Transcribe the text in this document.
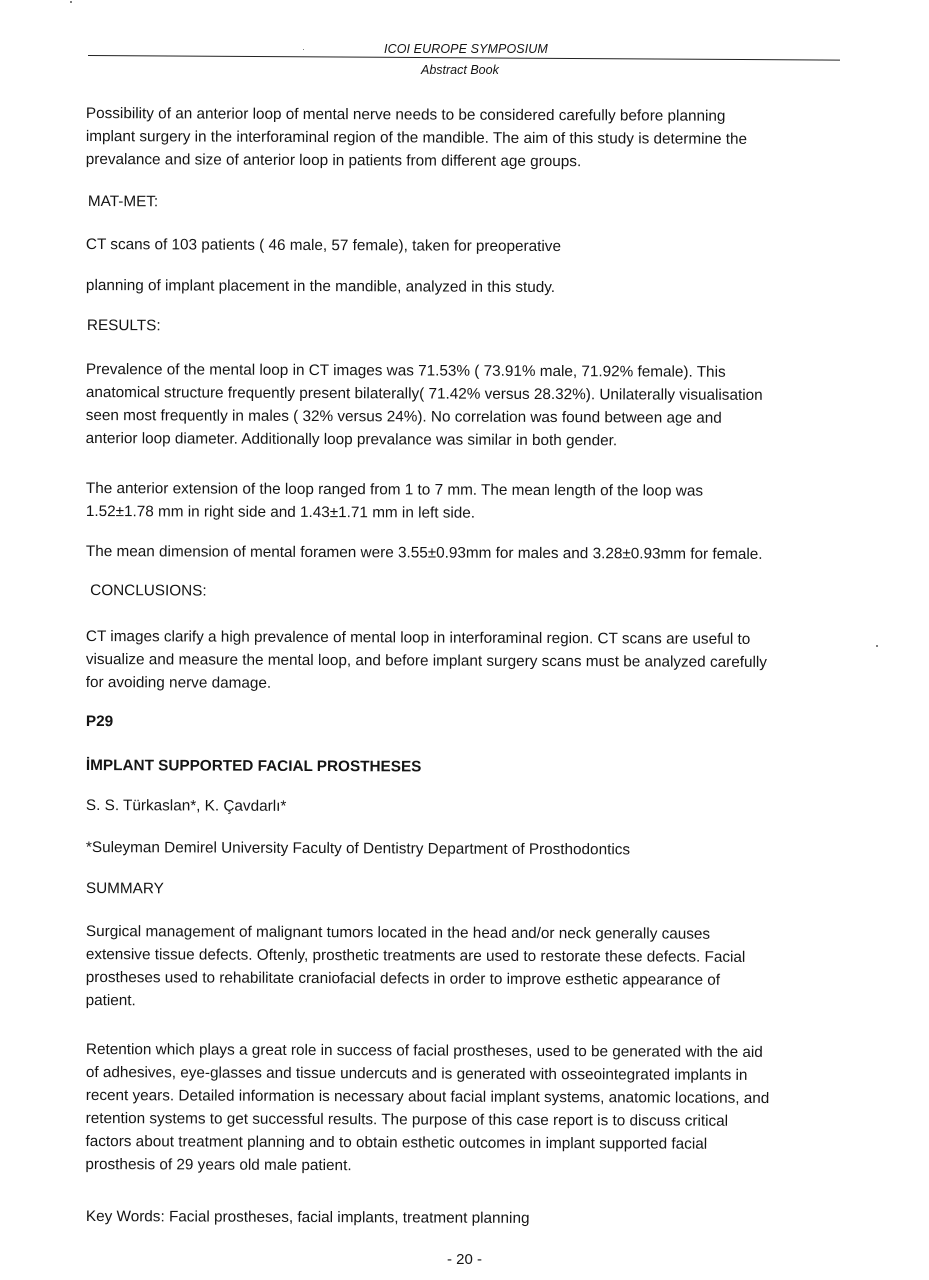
ICOI EUROPE SYMPOSIUM
Abstract Book
Possibility of an anterior loop of mental nerve needs to be considered carefully before planning
implant surgery in the interforaminal region of the mandible. The aim of this study is determine the
prevalance and size of anterior loop in patients from different age groups.
MAT-MET:
CT scans of 103 patients ( 46 male, 57 female), taken for preoperative
planning of implant placement in the mandible, analyzed in this study.
RESULTS:
Prevalence of the mental loop in CT images was 71.53% ( 73.91% male, 71.92% female). This
anatomical structure frequently present bilaterally( 71.42% versus 28.32%). Unilaterally visualisation
seen most frequently in males ( 32% versus 24%). No correlation was found between age and
anterior loop diameter. Additionally loop prevalance was similar in both gender.
The anterior extension of the loop ranged from 1 to 7 mm. The mean length of the loop was
1.52±1.78 mm in right side and 1.43±1.71 mm in left side.
The mean dimension of mental foramen were 3.55±0.93mm for males and 3.28±0.93mm for female.
CONCLUSIONS:
CT images clarify a high prevalence of mental loop in interforaminal region. CT scans are useful to
visualize and measure the mental loop, and before implant surgery scans must be analyzed carefully
for avoiding nerve damage.
P29
İMPLANT SUPPORTED FACIAL PROSTHESES
S. S. Türkaslan*, K. Çavdarlı*
*Suleyman Demirel University Faculty of Dentistry Department of Prosthodontics
SUMMARY
Surgical management of malignant tumors located in the head and/or neck generally causes
extensive tissue defects. Oftenly, prosthetic treatments are used to restorate these defects. Facial
prostheses used to rehabilitate craniofacial defects in order to improve esthetic appearance of
patient.
Retention which plays a great role in success of facial prostheses, used to be generated with the aid
of adhesives, eye-glasses and tissue undercuts and is generated with osseointegrated implants in
recent years. Detailed information is necessary about facial implant systems, anatomic locations, and
retention systems to get successful results. The purpose of this case report is to discuss critical
factors about treatment planning and to obtain esthetic outcomes in implant supported facial
prosthesis of 29 years old male patient.
Key Words: Facial prostheses, facial implants, treatment planning
- 20 -
